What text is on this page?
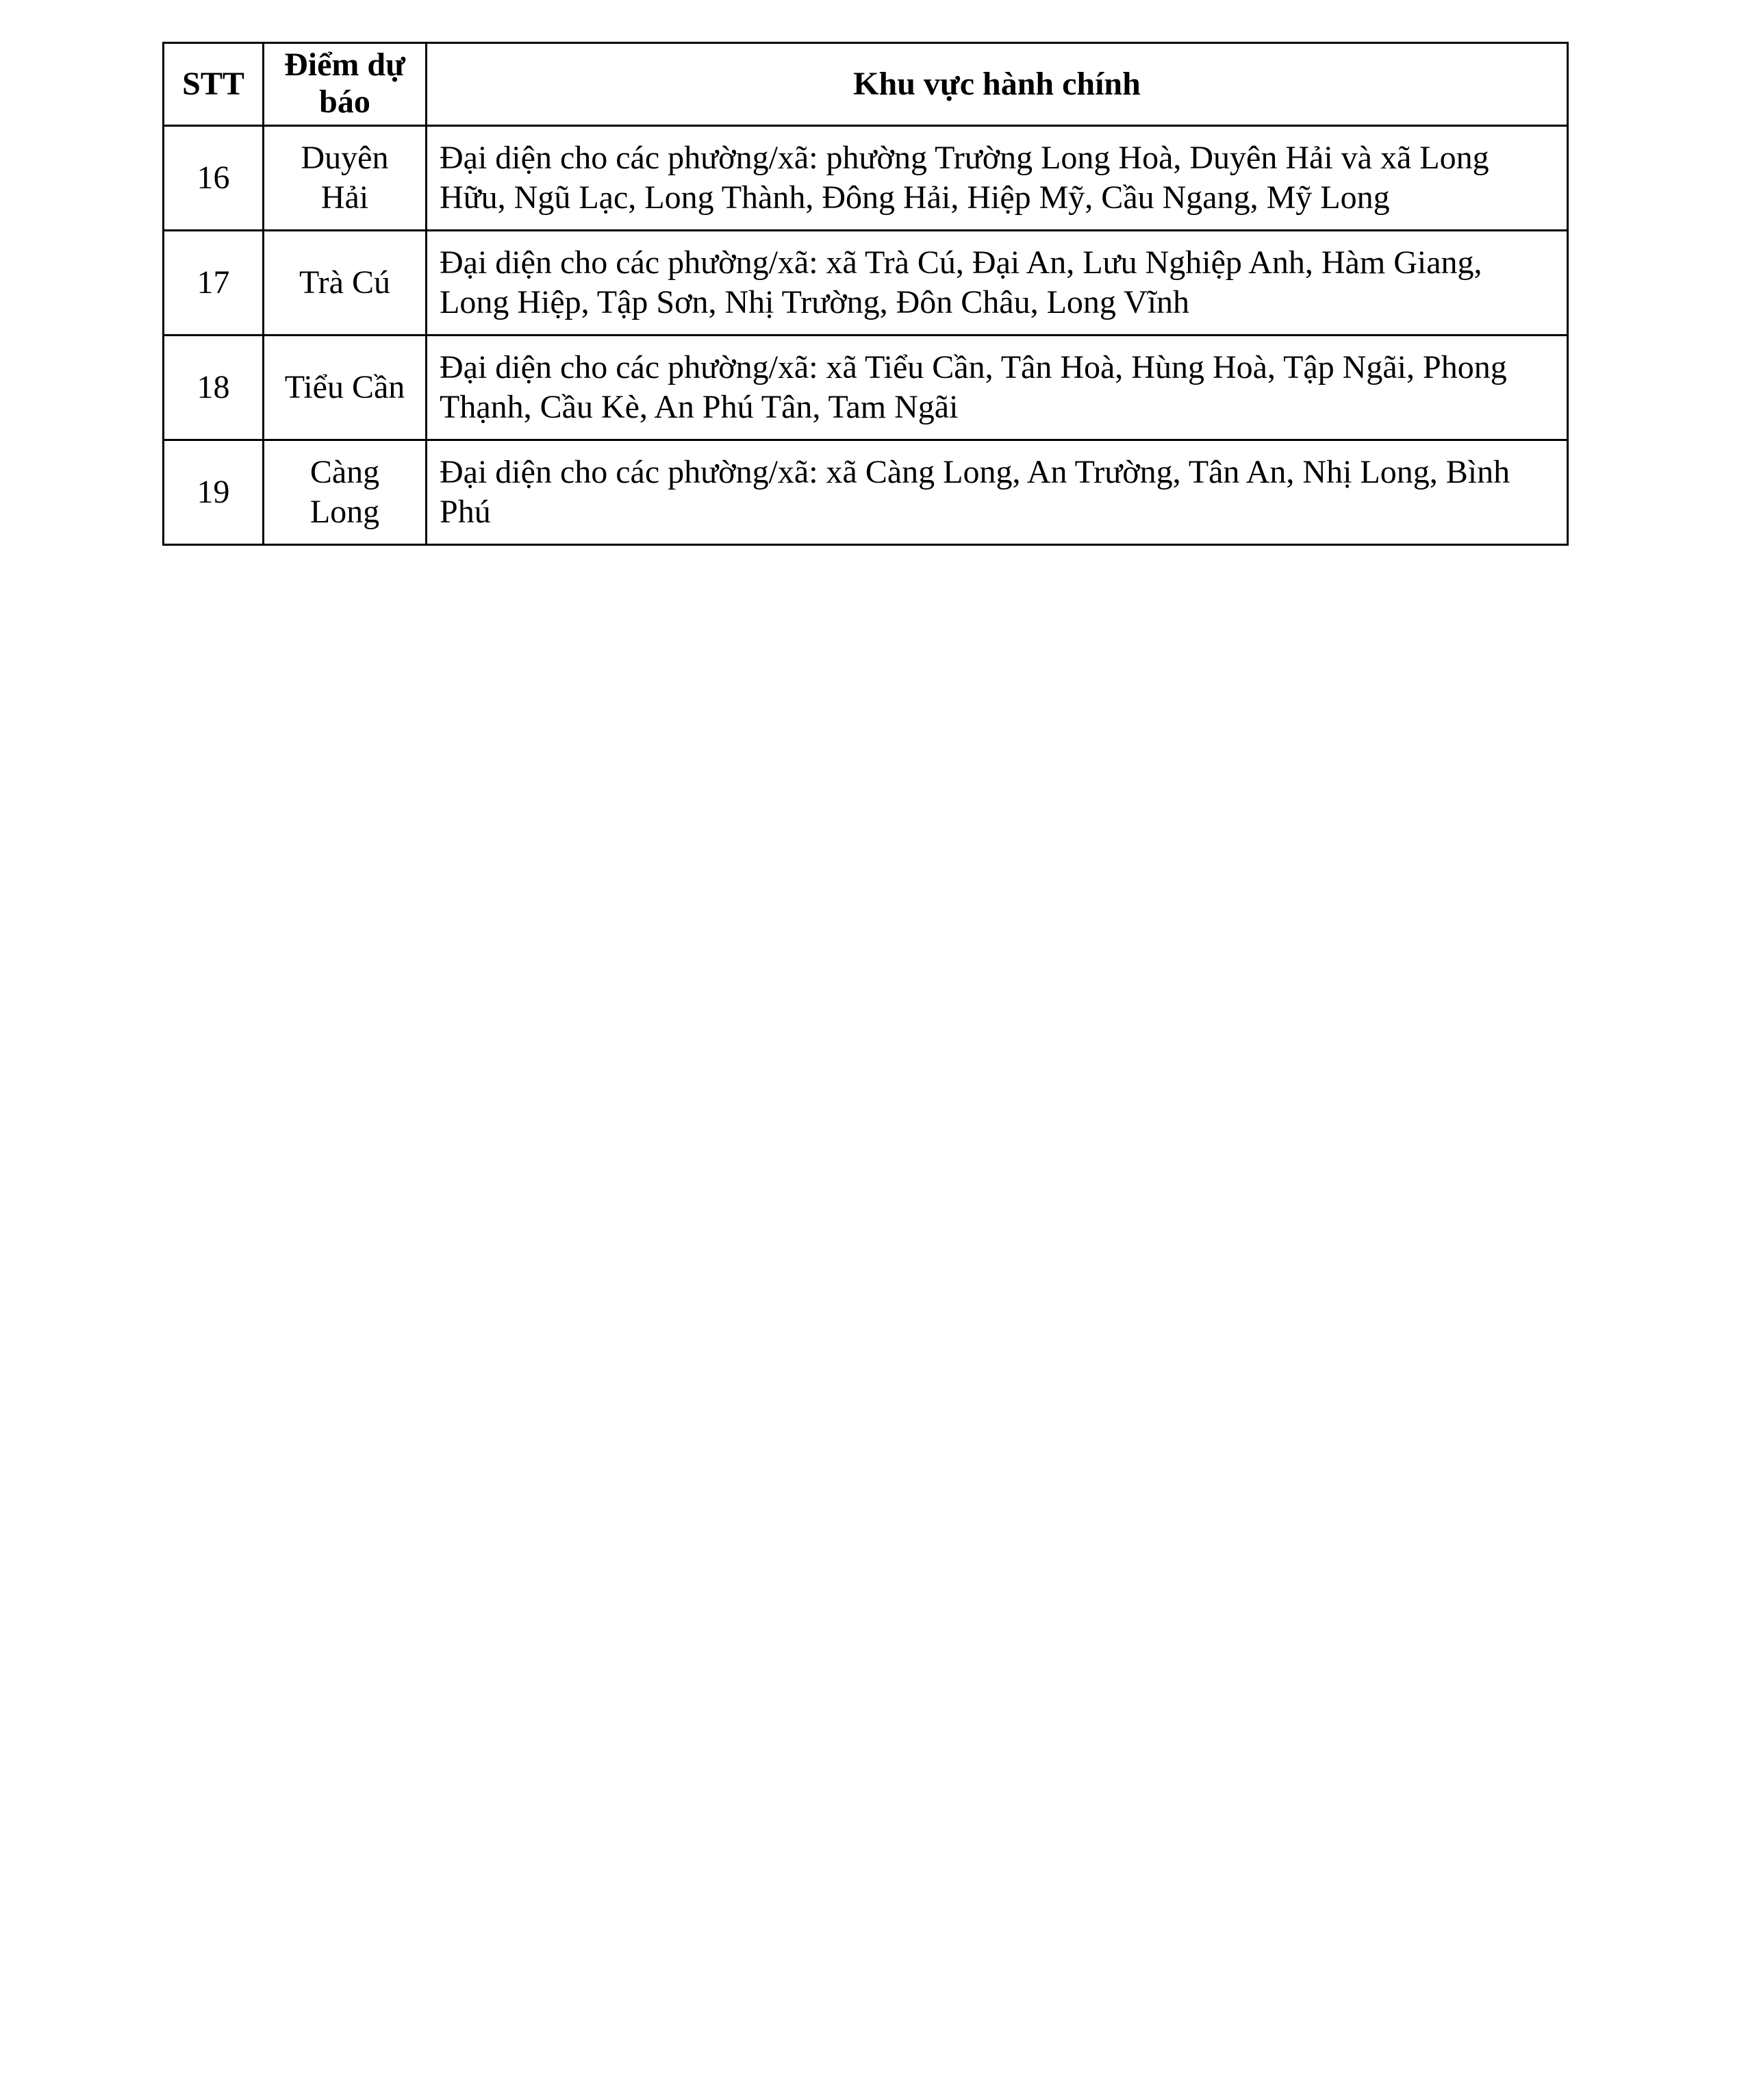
STT	Điểm dự báo	Khu vực hành chính
16	Duyên Hải	Đại diện cho các phường/xã: phường Trường Long Hoà, Duyên Hải và xã Long Hữu, Ngũ Lạc, Long Thành, Đông Hải, Hiệp Mỹ, Cầu Ngang, Mỹ Long
17	Trà Cú	Đại diện cho các phường/xã: xã Trà Cú, Đại An, Lưu Nghiệp Anh, Hàm Giang, Long Hiệp, Tập Sơn, Nhị Trường, Đôn Châu, Long Vĩnh
18	Tiểu Cần	Đại diện cho các phường/xã: xã Tiểu Cần, Tân Hoà, Hùng Hoà, Tập Ngãi, Phong Thạnh, Cầu Kè, An Phú Tân, Tam Ngãi
19	Càng Long	Đại diện cho các phường/xã: xã Càng Long, An Trường, Tân An, Nhị Long, Bình Phú
